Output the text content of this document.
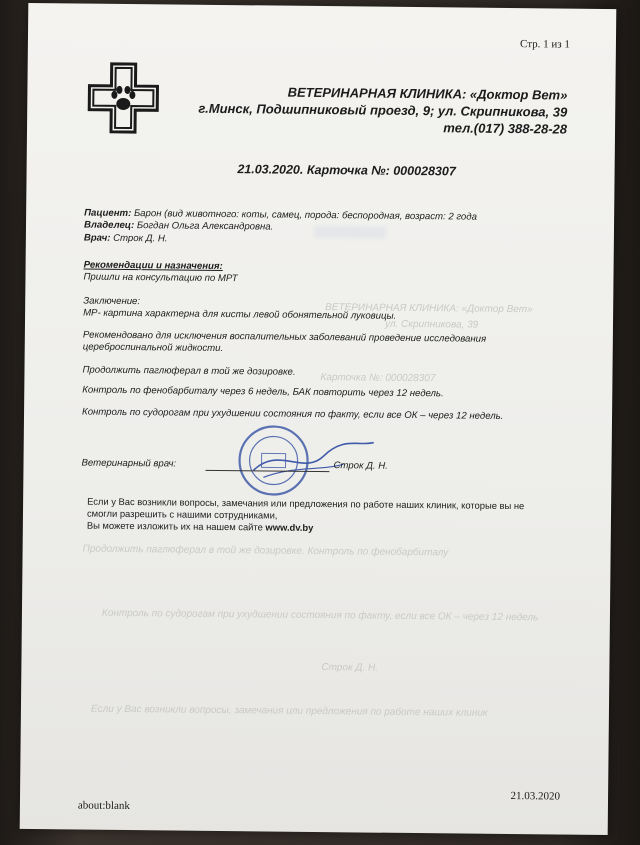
ВЕТЕРИНАРНАЯ КЛИНИКА: «Доктор Вет»
ул. Скрипникова, 39
Карточка №: 000028307
Продолжить паглюферал в той же дозировке. Контроль по фенобарбиталу
Контроль по судорогам при ухудшении состояния по факту, если все ОК – через 12 недель
Строк Д. Н.
Если у Вас возникли вопросы, замечания или предложения по работе наших клиник
Стр. 1 из 1
ВЕТЕРИНАРНАЯ КЛИНИКА: «Доктор Вет»
г.Минск, Подшипниковый проезд, 9; ул. Скрипникова, 39
тел.(017) 388-28-28
21.03.2020. Карточка №: 000028307
Пациент: Барон (вид животного: коты, самец, порода: беспородная, возраст: 2 года
Владелец: Богдан Ольга Александровна.
Врач: Строк Д. Н.
Рекомендации и назначения:
Пришли на консультацию по МРТ
Заключение:
МР- картина характерна для кисты левой обонятельной луковицы.
Рекомендовано для исключения воспалительных заболеваний проведение исследования
цереброспинальной жидкости.
Продолжить паглюферал в той же дозировке.
Контроль по фенобарбиталу через 6 недель, БАК повторить через 12 недель.
Контроль по судорогам при ухудшении состояния по факту, если все ОК – через 12 недель.
Ветеринарный врач:	Строк Д. Н.
Если у Вас возникли вопросы, замечания или предложения по работе наших клиник, которые вы не
смогли разрешить с нашими сотрудниками,
Вы можете изложить их на нашем сайте www.dv.by
21.03.2020
about:blank
